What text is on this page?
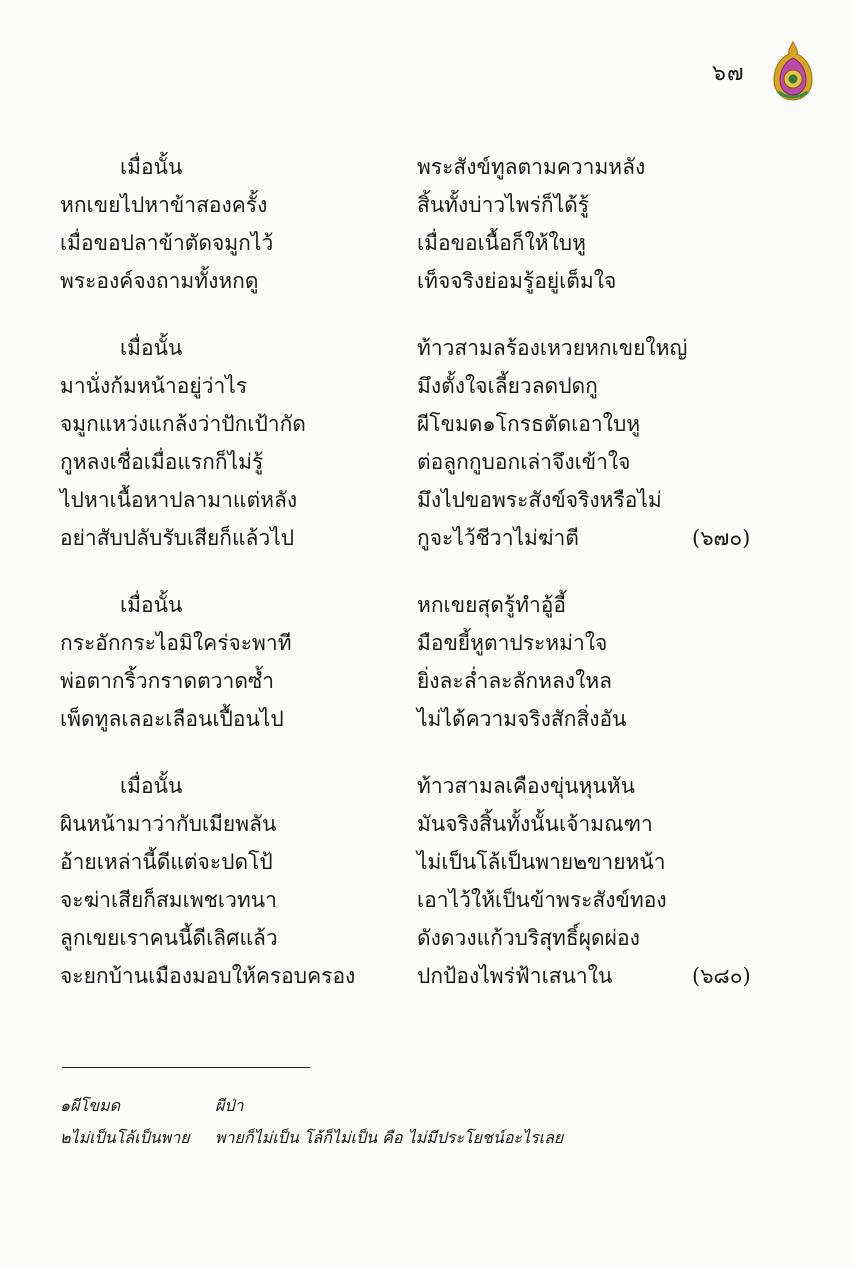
๖๗
เมื่อนั้น	พระสังข์ทูลตามความหลัง
หกเขยไปหาข้าสองครั้ง	สิ้นทั้งบ่าวไพร่ก็ได้รู้
เมื่อขอปลาข้าตัดจมูกไว้	เมื่อขอเนื้อก็ให้ใบหู
พระองค์จงถามทั้งหกดู	เท็จจริงย่อมรู้อยู่เต็มใจ
เมื่อนั้น	ท้าวสามลร้องเหวยหกเขยใหญ่
มานั่งก้มหน้าอยู่ว่าไร	มึงตั้งใจเลี้ยวลดปดกู
จมูกแหว่งแกล้งว่าปักเป้ากัด	ผีโขมด๑โกรธตัดเอาใบหู
กูหลงเชื่อเมื่อแรกก็ไม่รู้	ต่อลูกกูบอกเล่าจึงเข้าใจ
ไปหาเนื้อหาปลามาแต่หลัง	มึงไปขอพระสังข์จริงหรือไม่
อย่าสับปลับรับเสียก็แล้วไป	กูจะไว้ชีวาไม่ฆ่าตี	(๖๗๐)
เมื่อนั้น	หกเขยสุดรู้ทำอู้อี้
กระอักกระไอมิใคร่จะพาที	มือขยี้หูตาประหม่าใจ
พ่อตากริ้วกราดตวาดซ้ำ	ยิ่งละล่ำละลักหลงใหล
เพ็ดทูลเลอะเลือนเปื้อนไป	ไม่ได้ความจริงสักสิ่งอัน
เมื่อนั้น	ท้าวสามลเคืองขุ่นหุนหัน
ผินหน้ามาว่ากับเมียพลัน	มันจริงสิ้นทั้งนั้นเจ้ามณฑา
อ้ายเหล่านี้ดีแต่จะปดโป้	ไม่เป็นโล้เป็นพาย๒ขายหน้า
จะฆ่าเสียก็สมเพชเวทนา	เอาไว้ให้เป็นข้าพระสังข์ทอง
ลูกเขยเราคนนี้ดีเลิศแล้ว	ดังดวงแก้วบริสุทธิ์ผุดผ่อง
จะยกบ้านเมืองมอบให้ครอบครอง	ปกป้องไพร่ฟ้าเสนาใน	(๖๘๐)
๑ผีโขมด	ผีป่า
๒ไม่เป็นโล้เป็นพาย พายก็ไม่เป็น โล้ก็ไม่เป็น คือ ไม่มีประโยชน์อะไรเลย
